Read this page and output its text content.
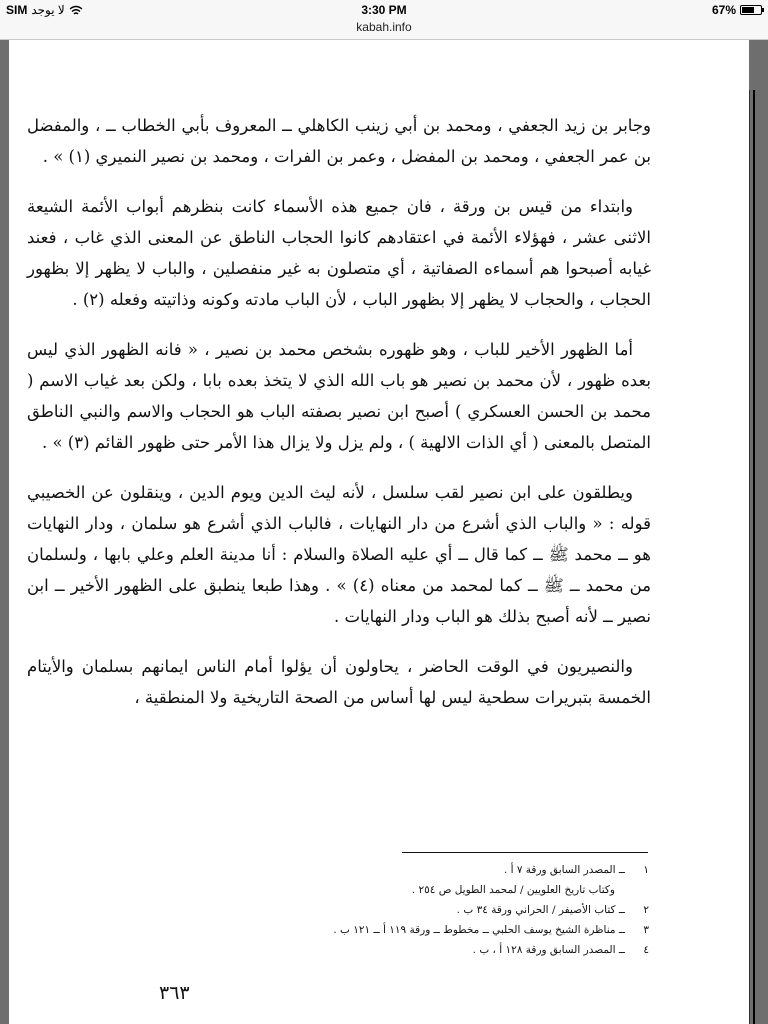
SIM لا يوجد	3:30 PM	67%
kabah.info

وجابر بن زيد الجعفي ، ومحمد بن أبي زينب الكاهلي ــ المعروف بأبي الخطاب ــ ، والمفضل بن عمر الجعفي ، ومحمد بن المفضل ، وعمر بن الفرات ، ومحمد بن نصير النميري (١) » .

وابتداء من قيس بن ورقة ، فان جميع هذه الأسماء كانت بنظرهم أبواب الأئمة الشيعة الاثنى عشر ، فهؤلاء الأئمة في اعتقادهم كانوا الحجاب الناطق عن المعنى الذي غاب ، فعند غيابه أصبحوا هم أسماءه الصفاتية ، أي متصلون به غير منفصلين ، والباب لا يظهر إلا بظهور الحجاب ، والحجاب لا يظهر إلا بظهور الباب ، لأن الباب مادته وكونه وذاتيته وفعله (٢) .

أما الظهور الأخير للباب ، وهو ظهوره بشخص محمد بن نصير ، « فانه الظهور الذي ليس بعده ظهور ، لأن محمد بن نصير هو باب الله الذي لا يتخذ بعده بابا ، ولكن بعد غياب الاسم ( محمد بن الحسن العسكري ) أصبح ابن نصير بصفته الباب هو الحجاب والاسم والنبي الناطق المتصل بالمعنى ( أي الذات الالهية ) ، ولم يزل ولا يزال هذا الأمر حتى ظهور القائم (٣) » .

ويطلقون على ابن نصير لقب سلسل ، لأنه ليث الدين ويوم الدين ، وينقلون عن الخصيبي قوله : « والباب الذي أشرع من دار النهايات ، فالباب الذي أشرع هو سلمان ، ودار النهايات هو ــ محمد ﷺ ــ كما قال ــ أي عليه الصلاة والسلام : أنا مدينة العلم وعلي بابها ، ولسلمان من محمد ــ ﷺ ــ كما لمحمد من معناه (٤) » . وهذا طبعا ينطبق على الظهور الأخير ــ ابن نصير ــ لأنه أصبح بذلك هو الباب ودار النهايات .

والنصيريون في الوقت الحاضر ، يحاولون أن يؤلوا أمام الناس ايمانهم بسلمان والأيتام الخمسة بتبريرات سطحية ليس لها أساس من الصحة التاريخية ولا المنطقية ،

١
ــ المصدر السابق ورقة ٧ أ .
وكتاب تاريخ العلويين / لمحمد الطويل ص ٢٥٤ .
٢
ــ كتاب الأصيفر / الحراني ورقة ٣٤ ب .
٣
ــ مناظرة الشيخ يوسف الحلبي ــ مخطوط ــ ورقة ١١٩ أ ــ ١٢١ ب .
٤
ــ المصدر السابق ورقة ١٢٨ أ ، ب .
٣٦٣
